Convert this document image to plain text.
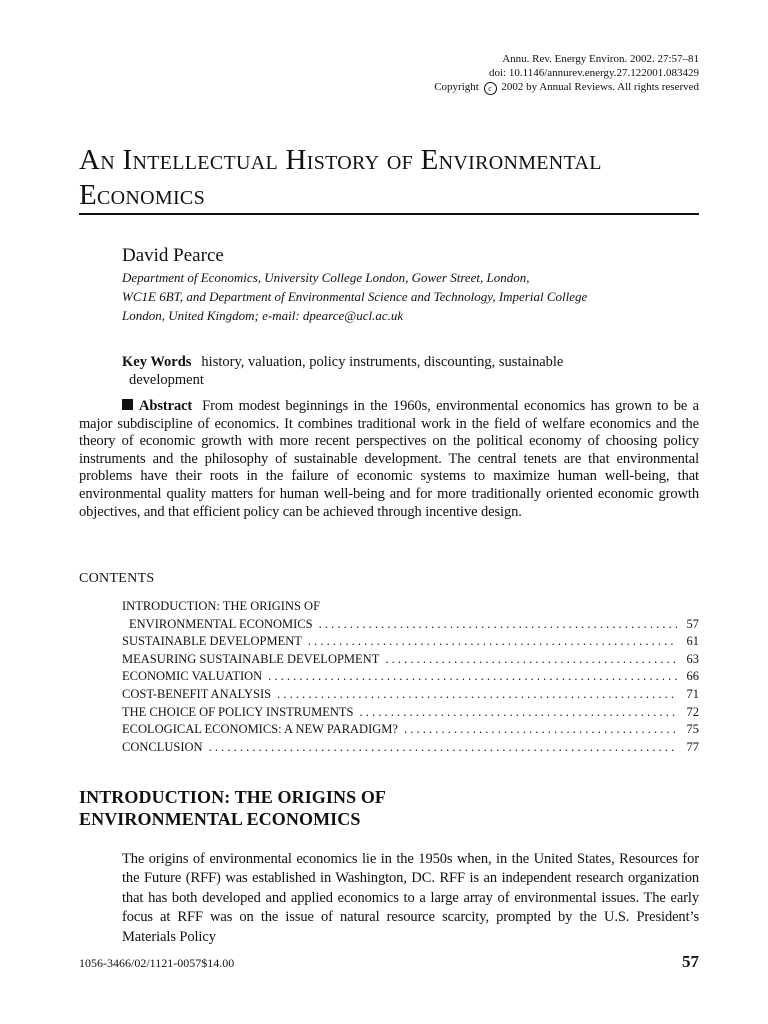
Annu. Rev. Energy Environ. 2002. 27:57–81
doi: 10.1146/annurev.energy.27.122001.083429
Copyright c 2002 by Annual Reviews. All rights reserved
An Intellectual History of Environmental
Economics
David Pearce
Department of Economics, University College London, Gower Street, London,
WC1E 6BT, and Department of Environmental Science and Technology, Imperial College
London, United Kingdom; e-mail: dpearce@ucl.ac.uk
Key Words history, valuation, policy instruments, discounting, sustainable
development
Abstract From modest beginnings in the 1960s, environmental economics has grown to be a major subdiscipline of economics. It combines traditional work in the field of welfare economics and the theory of economic growth with more recent perspectives on the political economy of choosing policy instruments and the philosophy of sustainable development. The central tenets are that environmental problems have their roots in the failure of economic systems to maximize human well-being, that environmental quality matters for human well-being and for more traditionally oriented economic growth objectives, and that efficient policy can be achieved through incentive design.
CONTENTS
INTRODUCTION: THE ORIGINS OF
ENVIRONMENTAL ECONOMICS . . .	57
SUSTAINABLE DEVELOPMENT . . .	61
MEASURING SUSTAINABLE DEVELOPMENT . . .	63
ECONOMIC VALUATION . . .	66
COST-BENEFIT ANALYSIS . . .	71
THE CHOICE OF POLICY INSTRUMENTS . . .	72
ECOLOGICAL ECONOMICS: A NEW PARADIGM? . . .	75
CONCLUSION . . .	77
INTRODUCTION: THE ORIGINS OF
ENVIRONMENTAL ECONOMICS
The origins of environmental economics lie in the 1950s when, in the United States, Resources for the Future (RFF) was established in Washington, DC. RFF is an independent research organization that has both developed and applied economics to a large array of environmental issues. The early focus at RFF was on the issue of natural resource scarcity, prompted by the U.S. President’s Materials Policy
1056-3466/02/1121-0057$14.00	57
